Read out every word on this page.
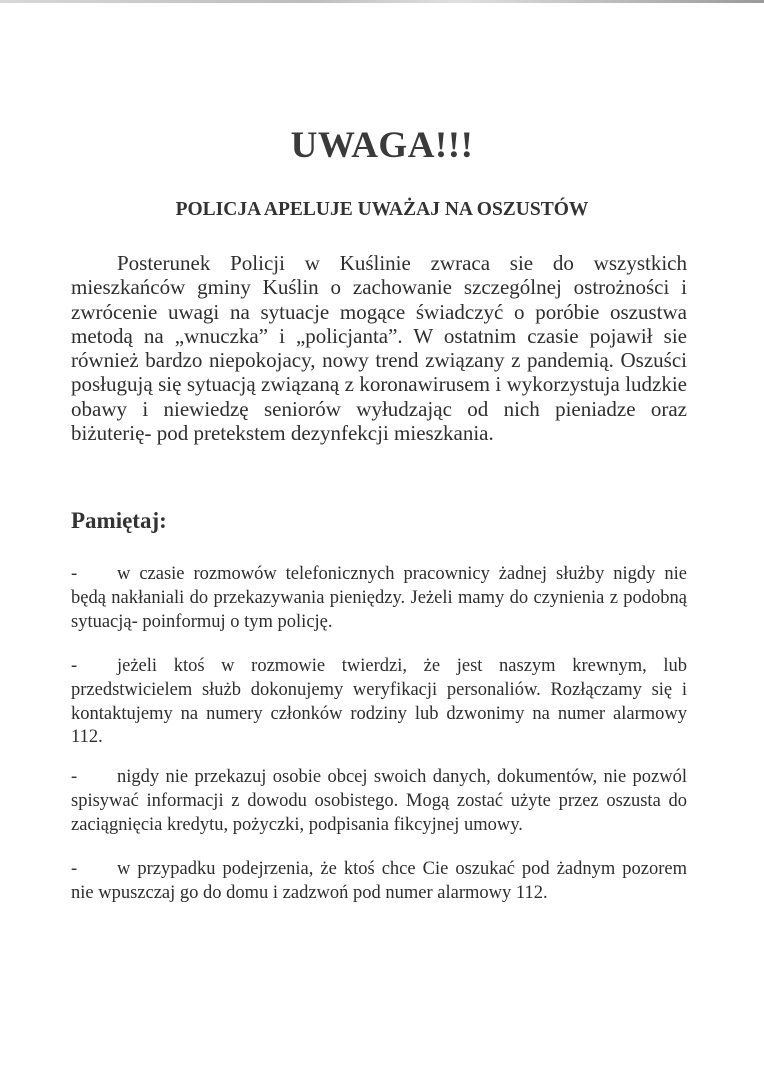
UWAGA!!!
POLICJA APELUJE UWAŻAJ NA OSZUSTÓW
Posterunek Policji w Kuślinie zwraca sie do wszystkich mieszkańców gminy Kuślin o zachowanie szczególnej ostrożności i zwrócenie uwagi na sytuacje mogące świadczyć o poróbie oszustwa metodą na „wnuczka” i „policjanta”. W ostatnim czasie pojawił sie również bardzo niepokojacy, nowy trend związany z pandemią. Oszuści posługują się sytuacją związaną z koronawirusem i wykorzystuja ludzkie obawy i niewiedzę seniorów wyłudzając od nich pieniadze oraz biżuterię- pod pretekstem dezynfekcji mieszkania.
Pamiętaj:
- w czasie rozmowów telefonicznych pracownicy żadnej służby nigdy nie będą nakłaniali do przekazywania pieniędzy. Jeżeli mamy do czynienia z podobną sytuacją- poinformuj o tym policję.
- jeżeli ktoś w rozmowie twierdzi, że jest naszym krewnym, lub przedstwicielem służb dokonujemy weryfikacji personaliów. Rozłączamy się i kontaktujemy na numery członków rodziny lub dzwonimy na numer alarmowy 112.
- nigdy nie przekazuj osobie obcej swoich danych, dokumentów, nie pozwól spisywać informacji z dowodu osobistego. Mogą zostać użyte przez oszusta do zaciągnięcia kredytu, pożyczki, podpisania fikcyjnej umowy.
- w przypadku podejrzenia, że ktoś chce Cie oszukać pod żadnym pozorem nie wpuszczaj go do domu i zadzwoń pod numer alarmowy 112.
